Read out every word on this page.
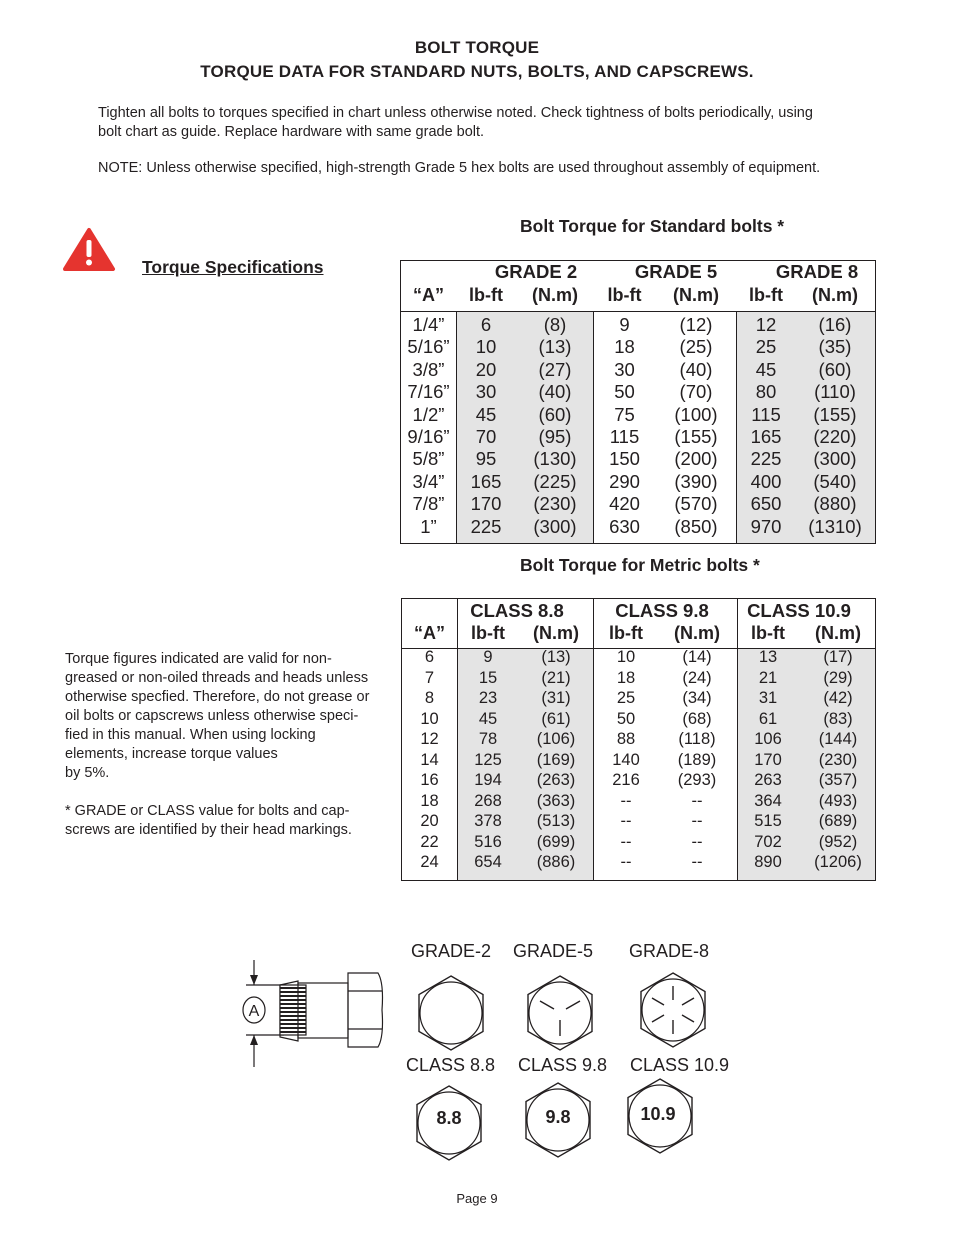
BOLT TORQUE
TORQUE DATA FOR STANDARD NUTS, BOLTS, AND CAPSCREWS.
Tighten all bolts to torques specified in chart unless otherwise noted. Check tightness of bolts periodically, using
bolt chart as guide. Replace hardware with same grade bolt.
NOTE: Unless otherwise specified, high-strength Grade 5 hex bolts are used throughout assembly of equipment.
Torque Specifications
Bolt Torque for Standard bolts *
GRADE 2	GRADE 5	GRADE 8
“A”	lb-ft	(N.m)	lb-ft	(N.m)	lb-ft	(N.m)
1/4”	6	(8)	9	(12)	12	(16)
5/16”	10	(13)	18	(25)	25	(35)
3/8”	20	(27)	30	(40)	45	(60)
7/16”	30	(40)	50	(70)	80	(110)
1/2”	45	(60)	75	(100)	115	(155)
9/16”	70	(95)	115	(155)	165	(220)
5/8”	95	(130)	150	(200)	225	(300)
3/4”	165	(225)	290	(390)	400	(540)
7/8”	170	(230)	420	(570)	650	(880)
1”	225	(300)	630	(850)	970	(1310)
Bolt Torque for Metric bolts *
CLASS 8.8	CLASS 9.8	CLASS 10.9
“A”	lb-ft	(N.m)	lb-ft	(N.m)	lb-ft	(N.m)
6	9	(13)	10	(14)	13	(17)
7	15	(21)	18	(24)	21	(29)
8	23	(31)	25	(34)	31	(42)
10	45	(61)	50	(68)	61	(83)
12	78	(106)	88	(118)	106	(144)
14	125	(169)	140	(189)	170	(230)
16	194	(263)	216	(293)	263	(357)
18	268	(363)	--	--	364	(493)
20	378	(513)	--	--	515	(689)
22	516	(699)	--	--	702	(952)
24	654	(886)	--	--	890	(1206)
Torque figures indicated are valid for non-
greased or non-oiled threads and heads unless
otherwise specfied. Therefore, do not grease or
oil bolts or capscrews unless otherwise speci-
fied in this manual. When using locking
elements, increase torque values
by 5%.
* GRADE or CLASS value for bolts and cap-
screws are identified by their head markings.
A
GRADE-2 GRADE-5 GRADE-8
CLASS 8.8 CLASS 9.8 CLASS 10.9
8.8	9.8	10.9
Page 9
